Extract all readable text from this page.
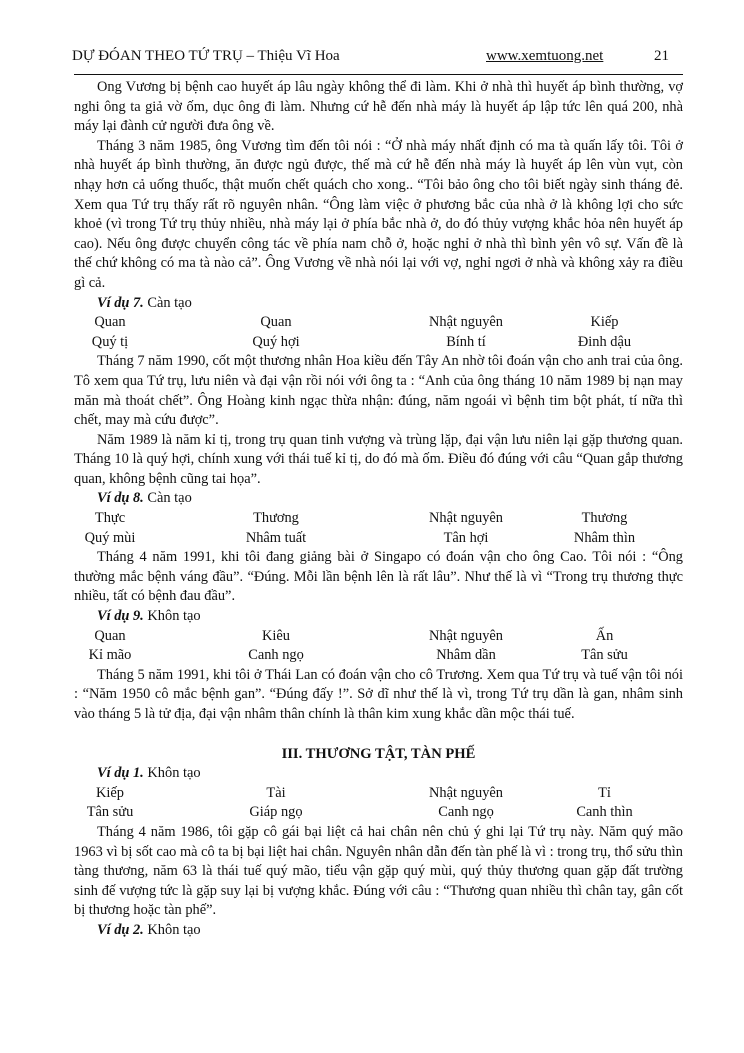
DỰ ĐÓAN THEO TỨ TRỤ – Thiệu Vĩ Hoa	www.xemtuong.net	21

Ong Vương bị bệnh cao huyết áp lâu ngày không thể đi làm. Khi ở nhà thì huyết áp bình thường, vợ nghi ông ta giả vờ ốm, dục ông đi làm. Nhưng cứ hễ đến nhà máy là huyết áp lập tức lên quá 200, nhà máy lại đành cử người đưa ông về.

Tháng 3 năm 1985, ông Vương tìm đến tôi nói : “Ở nhà máy nhất định có ma tà quấn lấy tôi. Tôi ở nhà huyết áp bình thường, ăn được ngủ được, thế mà cứ hễ đến nhà máy là huyết áp lên vùn vụt, còn nhạy hơn cả uống thuốc, thật muốn chết quách cho xong.. “Tôi bảo ông cho tôi biết ngày sinh tháng đẻ. Xem qua Tứ trụ thấy rất rõ nguyên nhân. “Ông làm việc ở phương bắc của nhà ở là không lợi cho sức khoẻ (vì trong Tứ trụ thủy nhiều, nhà máy lại ở phía bắc nhà ở, do đó thủy vượng khắc hỏa nên huyết áp cao). Nếu ông được chuyển công tác về phía nam chỗ ở, hoặc nghỉ ở nhà thì bình yên vô sự. Vấn đề là thế chứ không có ma tà nào cả”. Ông Vương về nhà nói lại với vợ, nghỉ ngơi ở nhà và không xảy ra điều gì cả.

Ví dụ 7. Càn tạo
Quan	Quan	Nhật nguyên	Kiếp
Quý tị	Quý hợi	Bính tí	Đinh dậu

Tháng 7 năm 1990, cốt một thương nhân Hoa kiều đến Tây An nhờ tôi đoán vận cho anh trai của ông. Tô xem qua Tứ trụ, lưu niên và đại vận rồi nói với ông ta : “Anh của ông tháng 10 năm 1989 bị nạn may măn mà thoát chết”. Ông Hoàng kinh ngạc thừa nhận: đúng, năm ngoái vì bệnh tim bột phát, tí nữa thì chết, may mà cứu được”.

Năm 1989 là năm kỉ tị, trong trụ quan tinh vượng và trùng lặp, đại vận lưu niên lại gặp thương quan. Tháng 10 là quý hợi, chính xung với thái tuế kỉ tị, do đó mà ốm. Điều đó đúng với câu “Quan gắp thương quan, không bệnh cũng tai họa”.

Ví dụ 8. Càn tạo
Thực	Thương	Nhật nguyên	Thương
Quý mùi	Nhâm tuất	Tân hợi	Nhâm thìn

Tháng 4 năm 1991, khi tôi đang giảng bài ở Singapo có đoán vận cho ông Cao. Tôi nói : “Ông thường mắc bệnh váng đầu”. “Đúng. Mỗi lần bệnh lên là rất lâu”. Như thế là vì “Trong trụ thương thực nhiều, tất có bệnh đau đầu”.

Ví dụ 9. Khôn tạo
Quan	Kiêu	Nhật nguyên	Ấn
Kỉ mão	Canh ngọ	Nhâm dần	Tân sửu

Tháng 5 năm 1991, khi tôi ở Thái Lan có đoán vận cho cô Trương. Xem qua Tứ trụ và tuế vận tôi nói : “Năm 1950 cô mắc bệnh gan”. “Đúng đấy !”. Sở dĩ như thế là vì, trong Tứ trụ dần là gan, nhâm sinh vào tháng 5 là tử địa, đại vận nhâm thân chính là thân kim xung khắc dần mộc thái tuế.

III. THƯƠNG TẬT, TÀN PHẾ
Ví dụ 1. Khôn tạo
Kiếp	Tài	Nhật nguyên	Tỉ
Tân sửu	Giáp ngọ	Canh ngọ	Canh thìn

Tháng 4 năm 1986, tôi gặp cô gái bại liệt cả hai chân nên chủ ý ghi lại Tứ trụ này. Năm quý mão 1963 vì bị sốt cao mà cô ta bị bại liệt hai chân. Nguyên nhân dẫn đến tàn phế là vì : trong trụ, thổ sửu thìn tàng thương, năm 63 là thái tuế quý mão, tiểu vận gặp quý mùi, quý thủy thương quan gặp đất trường sinh đế vượng tức là gặp suy lại bị vượng khắc. Đúng với câu : “Thương quan nhiều thì chân tay, gân cốt bị thương hoặc tàn phế”.

Ví dụ 2. Khôn tạo
